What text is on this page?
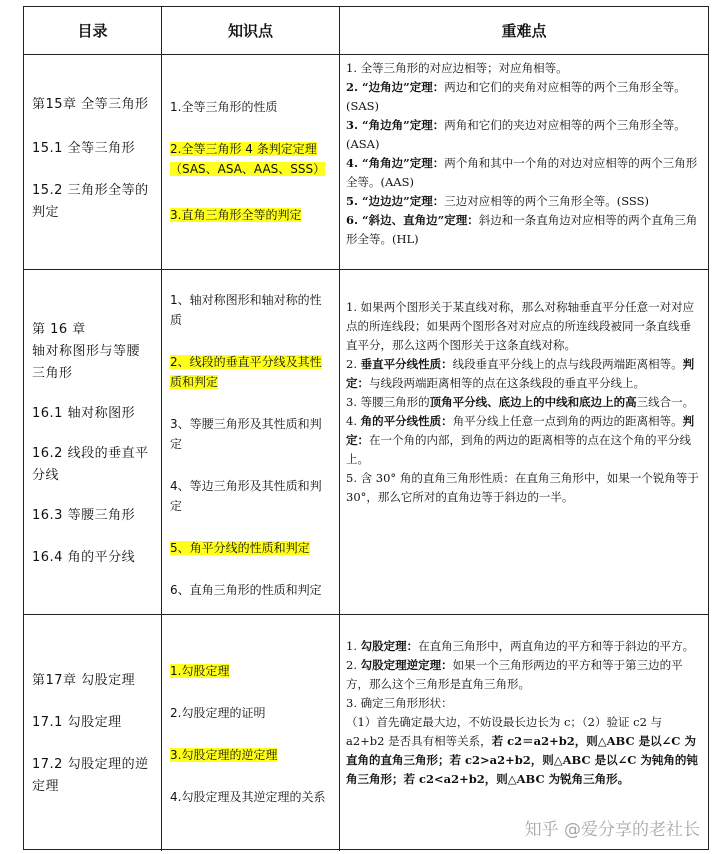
目录	知识点	重难点
第15章 全等三角形
15.1 全等三角形
15.2 三角形全等的
判定
1.全等三角形的性质
2.全等三角形 4 条判定定理（SAS、ASA、AAS、SSS）
3.直角三角形全等的判定
1. 全等三角形的对应边相等；对应角相等。
2. “边角边”定理：两边和它们的夹角对应相等的两个三角形全等。(SAS)
3. “角边角”定理：两角和它们的夹边对应相等的两个三角形全等。(ASA)
4. “角角边”定理：两个角和其中一个角的对边对应相等的两个三角形全等。(AAS)
5. “边边边”定理：三边对应相等的两个三角形全等。(SSS)
6. “斜边、直角边”定理：斜边和一条直角边对应相等的两个直角三角形全等。(HL)
第 16 章
轴对称图形与等腰
三角形
16.1 轴对称图形
16.2 线段的垂直平
分线
16.3 等腰三角形
16.4 角的平分线
1、轴对称图形和轴对称的性质
2、线段的垂直平分线及其性质和判定
3、等腰三角形及其性质和判定
4、等边三角形及其性质和判定
5、角平分线的性质和判定
6、直角三角形的性质和判定
1. 如果两个图形关于某直线对称，那么对称轴垂直平分任意一对对应点的所连线段；如果两个图形各对对应点的所连线段被同一条直线垂直平分，那么这两个图形关于这条直线对称。
2. 垂直平分线性质：线段垂直平分线上的点与线段两端距离相等。判定：与线段两端距离相等的点在这条线段的垂直平分线上。
3. 等腰三角形的顶角平分线、底边上的中线和底边上的高三线合一。
4. 角的平分线性质：角平分线上任意一点到角的两边的距离相等。判定：在一个角的内部，到角的两边的距离相等的点在这个角的平分线上。
5. 含 30° 角的直角三角形性质：在直角三角形中，如果一个锐角等于 30°，那么它所对的直角边等于斜边的一半。
第17章 勾股定理
17.1 勾股定理
17.2 勾股定理的逆
定理
1.勾股定理
2.勾股定理的证明
3.勾股定理的逆定理
4.勾股定理及其逆定理的关系
1. 勾股定理：在直角三角形中，两直角边的平方和等于斜边的平方。
2. 勾股定理逆定理：如果一个三角形两边的平方和等于第三边的平方，那么这个三角形是直角三角形。
3. 确定三角形形状：
（1）首先确定最大边，不妨设最长边长为 c；（2）验证 c2 与 a2+b2 是否具有相等关系，若 c2＝a2+b2，则△ABC 是以∠C 为直角的直角三角形；若 c2>a2+b2，则△ABC 是以∠C 为钝角的钝角三角形；若 c2<a2+b2，则△ABC 为锐角三角形。
知乎 @爱分享的老社长
